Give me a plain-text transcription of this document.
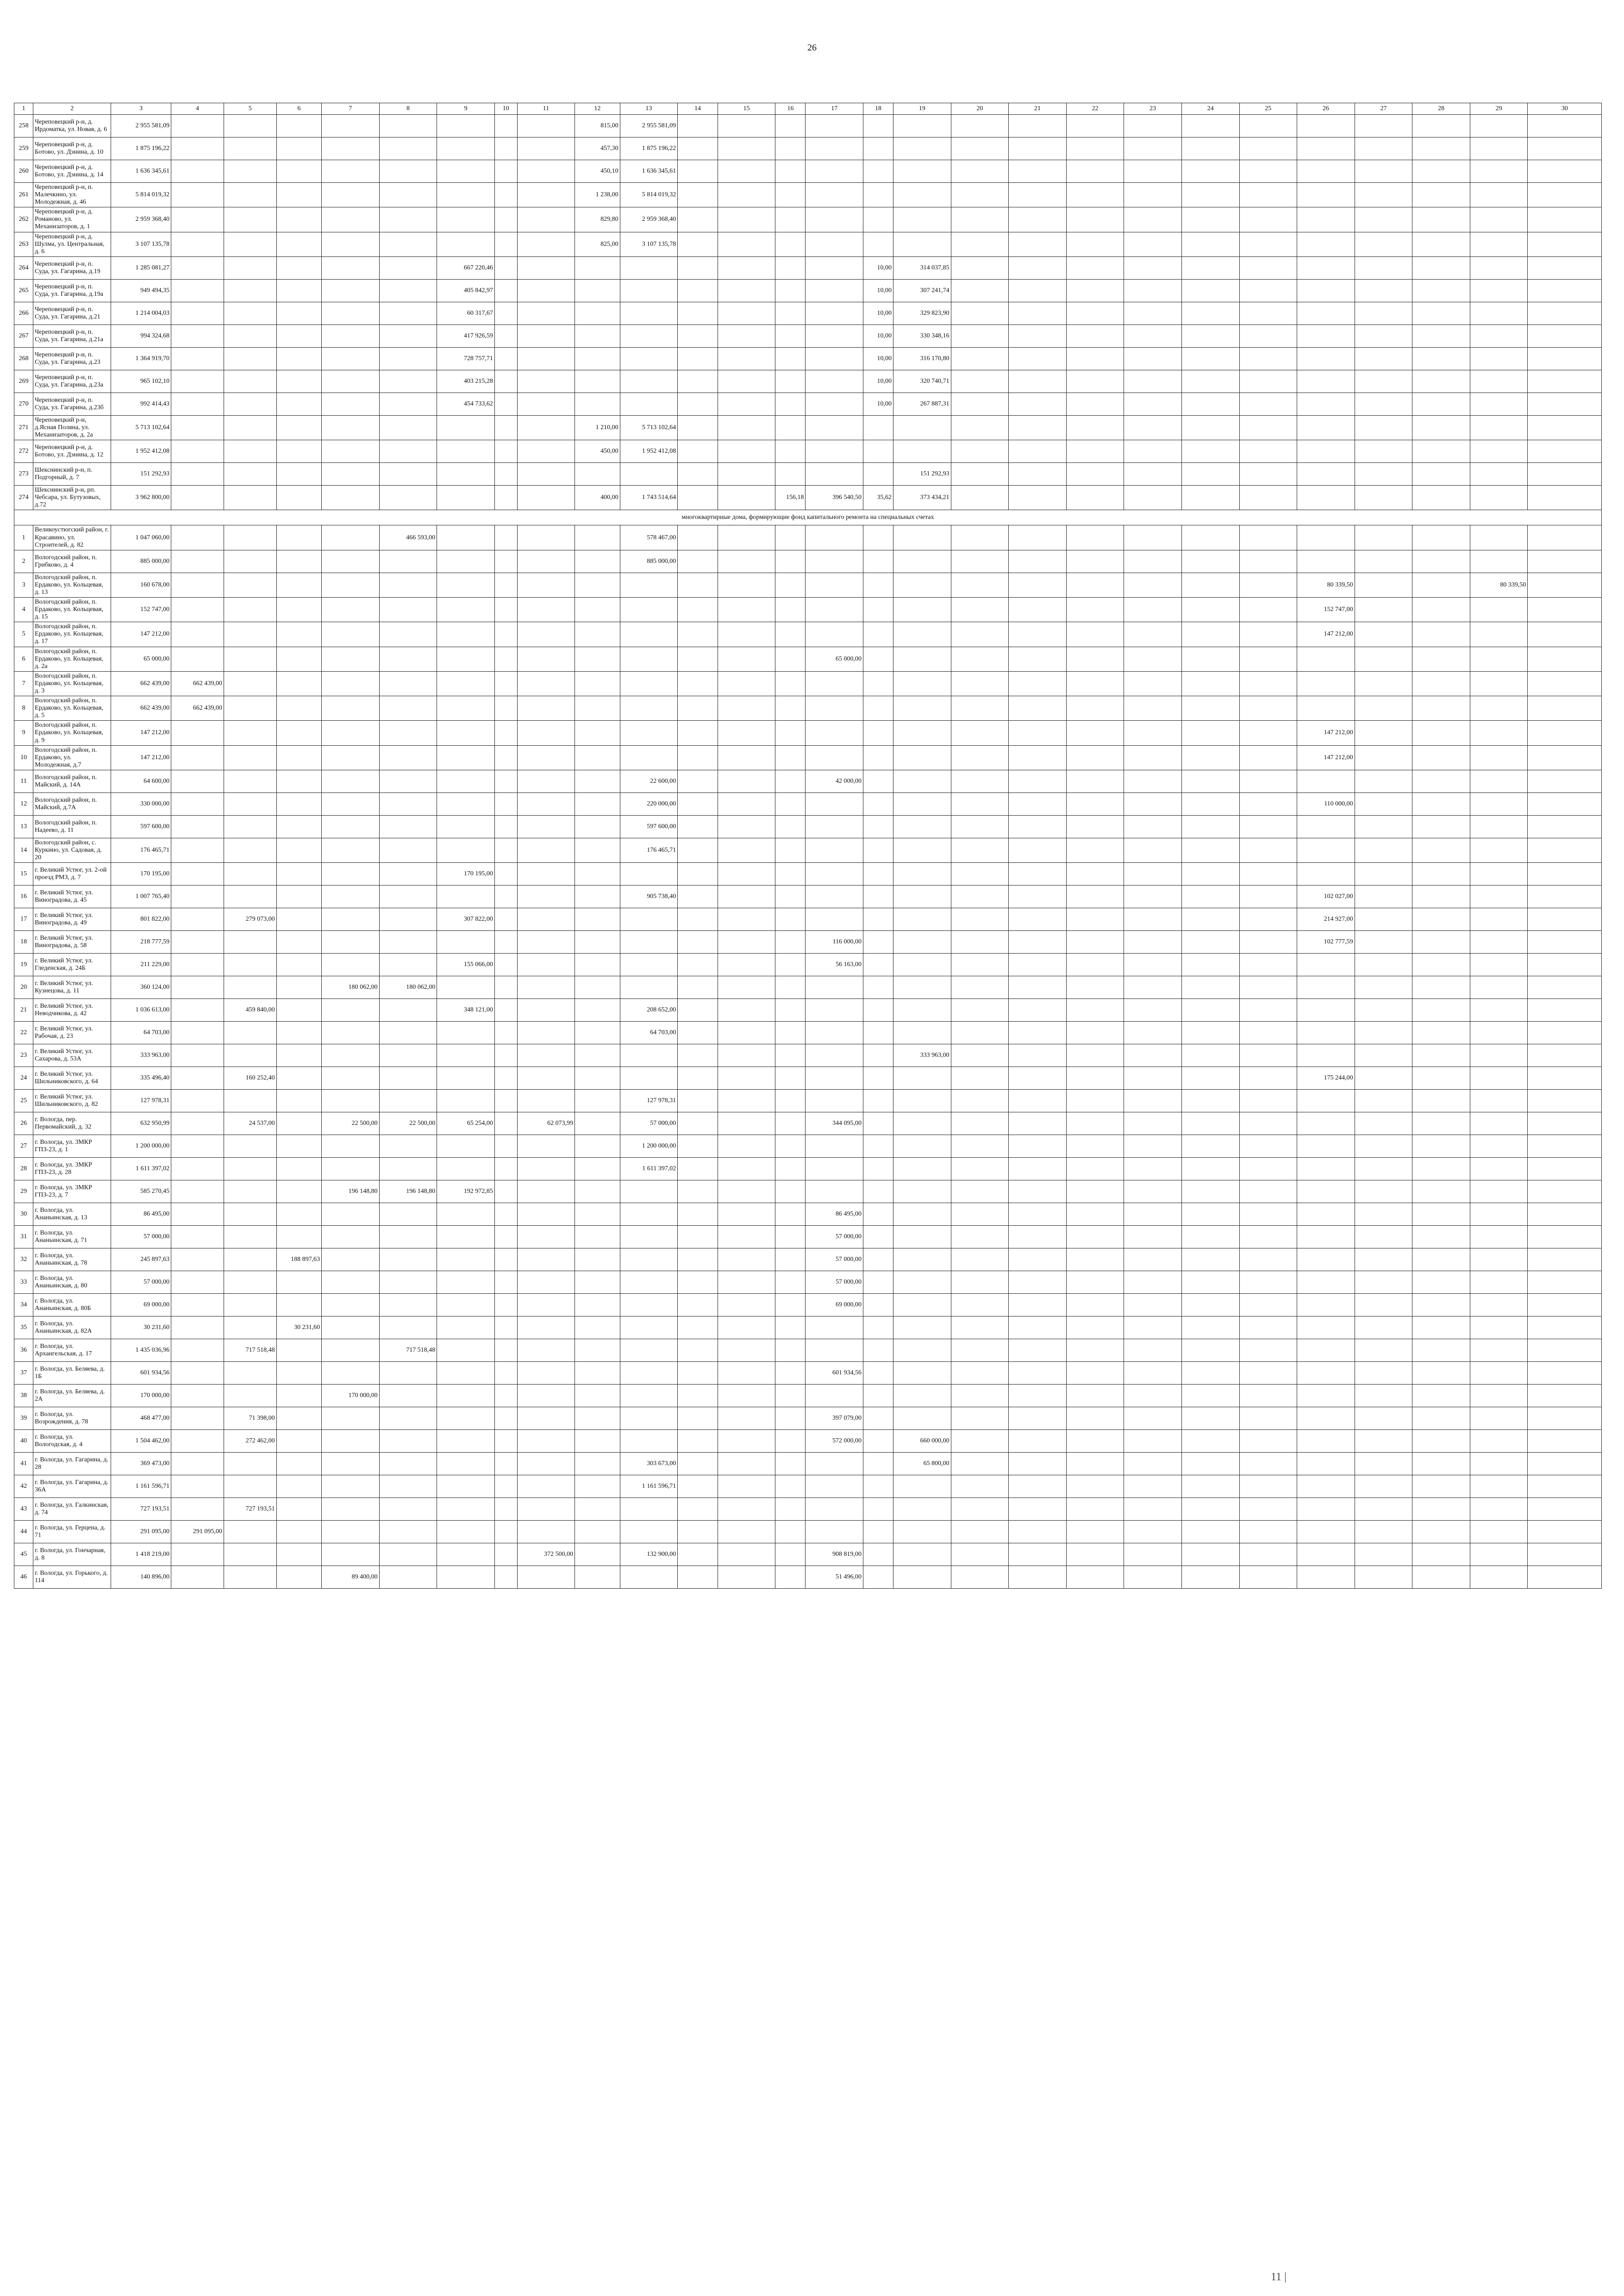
26
11 |
1	2	3	4	5	6	7	8	9	10	11	12	13	14	15	16	17	18	19	20	21	22	23	24	25	26	27	28	29	30
258	Череповецкий р-н, д. Ирдоматка, ул. Новая, д. 6	2 955 581,09									815,00	2 955 581,09																	
259	Череповецкий р-н, д. Ботово, ул. Дэнина, д. 10	1 875 196,22									457,30	1 875 196,22																	
260	Череповецкий р-н, д. Ботово, ул. Дэнина, д. 14	1 636 345,61									450,10	1 636 345,61																	
261	Череповецкий р-н, п. Малечкино, ул. Молодежная, д. 46	5 814 019,32									1 238,00	5 814 019,32																	
262	Череповецкий р-н, д. Романово, ул. Механизаторов, д. 1	2 959 368,40									829,80	2 959 368,40																	
263	Череповецкий р-н, д. Шулма, ул. Центральная, д. 6	3 107 135,78									825,00	3 107 135,78																	
264	Череповецкий р-н, п. Суда, ул. Гагарина, д.19	1 285 081,27						667 220,46									10,00	314 037,85											
265	Череповецкий р-н, п. Суда, ул. Гагарина, д.19а	949 494,35						405 842,97									10,00	307 241,74											
266	Череповецкий р-н, п. Суда, ул. Гагарина, д.21	1 214 004,03						60 317,67									10,00	329 823,90											
267	Череповецкий р-н, п. Суда, ул. Гагарина, д.21а	994 324,68						417 926,59									10,00	330 348,16											
268	Череповецкий р-н, п. Суда, ул. Гагарина, д.23	1 364 919,70						728 757,71									10,00	316 170,80											
269	Череповецкий р-н, п. Суда, ул. Гагарина, д.23а	965 102,10						403 215,28									10,00	320 740,71											
270	Череповецкий р-н, п. Суда, ул. Гагарина, д.23б	992 414,43						454 733,62									10,00	267 887,31											
271	Череповецкий р-н, д.Ясная Поляна, ул. Механизаторов, д. 2а	5 713 102,64									1 210,00	5 713 102,64																	
272	Череповецкий р-н, д. Ботово, ул. Дэнина, д. 12	1 952 412,08									450,00	1 952 412,08																	
273	Шекснинский р-н, п. Подгорный, д. 7	151 292,93																151 292,93											
274	Шекснинский р-н, рп. Чебсара, ул. Бутузовых, д.72	3 962 800,00									400,00	1 743 514,64			156,18	396 540,50	35,62	373 434,21											
многоквартирные дома, формирующие фонд капитального ремонта на специальных счетах																													
1	Великоустюгский район, г. Красавино, ул. Строителей, д. 82	1 047 060,00					466 593,00					578 467,00																	
2	Вологодский район, п. Грибково, д. 4	885 000,00										885 000,00																	
3	Вологодский район, п. Ердаково, ул. Кольцевая, д. 13	160 678,00																							80 339,50			80 339,50	
4	Вологодский район, п. Ердаково, ул. Кольцевая, д. 15	152 747,00																							152 747,00				
5	Вологодский район, п. Ердаково, ул. Кольцевая, д. 17	147 212,00																							147 212,00				
6	Вологодский район, п. Ердаково, ул. Кольцевая, д. 2а	65 000,00														65 000,00													
7	Вологодский район, п. Ердаково, ул. Кольцевая, д. 3	662 439,00	662 439,00																										
8	Вологодский район, п. Ердаково, ул. Кольцевая, д. 5	662 439,00	662 439,00																										
9	Вологодский район, п. Ердаково, ул. Кольцевая, д. 9	147 212,00																							147 212,00				
10	Вологодский район, п. Ердаково, ул. Молодежная, д.7	147 212,00																							147 212,00				
11	Вологодский район, п. Майский, д. 14А	64 600,00										22 600,00				42 000,00													
12	Вологодский район, п. Майский, д.7А	330 000,00										220 000,00													110 000,00				
13	Вологодский район, п. Надеево, д. 11	597 600,00										597 600,00																	
14	Вологодский район, с. Куркино, ул. Садовая, д. 20	176 465,71										176 465,71																	
15	г. Великий Устюг, ул. 2-ой проезд РМЗ, д. 7	170 195,00						170 195,00																					
16	г. Великий Устюг, ул. Виноградова, д. 45	1 007 765,40										905 738,40													102 027,00				
17	г. Великий Устюг, ул. Виноградова, д. 49	801 822,00		279 073,00				307 822,00																	214 927,00				
18	г. Великий Устюг, ул. Виноградова, д. 58	218 777,59														116 000,00									102 777,59				
19	г. Великий Устюг, ул. Гледенская, д. 24Б	211 229,00						155 066,00								56 163,00													
20	г. Великий Устюг, ул. Кузнецова, д. 11	360 124,00				180 062,00	180 062,00																						
21	г. Великий Устюг, ул. Неводчикова, д. 42	1 036 613,00		459 840,00				348 121,00				208 652,00																	
22	г. Великий Устюг, ул. Рабочая, д. 23	64 703,00										64 703,00																	
23	г. Великий Устюг, ул. Сахарова, д. 53А	333 963,00																333 963,00											
24	г. Великий Устюг, ул. Шильниковского, д. 64	335 496,40		160 252,40																					175 244,00				
25	г. Великий Устюг, ул. Шильниковского, д. 82	127 978,31										127 978,31																	
26	г. Вологда, пер. Первомайский, д. 32	632 950,99		24 537,00		22 500,00	22 500,00	65 254,00		62 073,99		57 000,00				344 095,00													
27	г. Вологда, ул. 3МКР ГПЗ-23, д. 1	1 200 000,00										1 200 000,00																	
28	г. Вологда, ул. 3МКР ГПЗ-23, д. 28	1 611 397,02										1 611 397,02																	
29	г. Вологда, ул. 3МКР ГПЗ-23, д. 7	585 270,45				196 148,80	196 148,80	192 972,85																					
30	г. Вологда, ул. Ананьинская, д. 13	86 495,00														86 495,00													
31	г. Вологда, ул. Ананьинская, д. 71	57 000,00														57 000,00													
32	г. Вологда, ул. Ананьинская, д. 78	245 897,63			188 897,63											57 000,00													
33	г. Вологда, ул. Ананьинская, д. 80	57 000,00														57 000,00													
34	г. Вологда, ул. Ананьинская, д. 80Б	69 000,00														69 000,00													
35	г. Вологда, ул. Ананьинская, д. 82А	30 231,60			30 231,60																								
36	г. Вологда, ул. Архангельская, д. 17	1 435 036,96		717 518,48			717 518,48																						
37	г. Вологда, ул. Беляева, д. 1Б	601 934,56														601 934,56													
38	г. Вологда, ул. Беляева, д. 2А	170 000,00				170 000,00																							
39	г. Вологда, ул. Возрождения, д. 78	468 477,00		71 398,00												397 079,00													
40	г. Вологда, ул. Вологодская, д. 4	1 504 462,00		272 462,00												572 000,00		660 000,00											
41	г. Вологда, ул. Гагарина, д. 28	369 473,00										303 673,00						65 800,00											
42	г. Вологда, ул. Гагарина, д. 36А	1 161 596,71										1 161 596,71																	
43	г. Вологда, ул. Галкинская, д. 74	727 193,51		727 193,51																									
44	г. Вологда, ул. Герцена, д. 71	291 095,00	291 095,00																										
45	г. Вологда, ул. Гончарная, д. 8	1 418 219,00								372 500,00		132 900,00				908 819,00													
46	г. Вологда, ул. Горького, д. 114	140 896,00				89 400,00										51 496,00													
